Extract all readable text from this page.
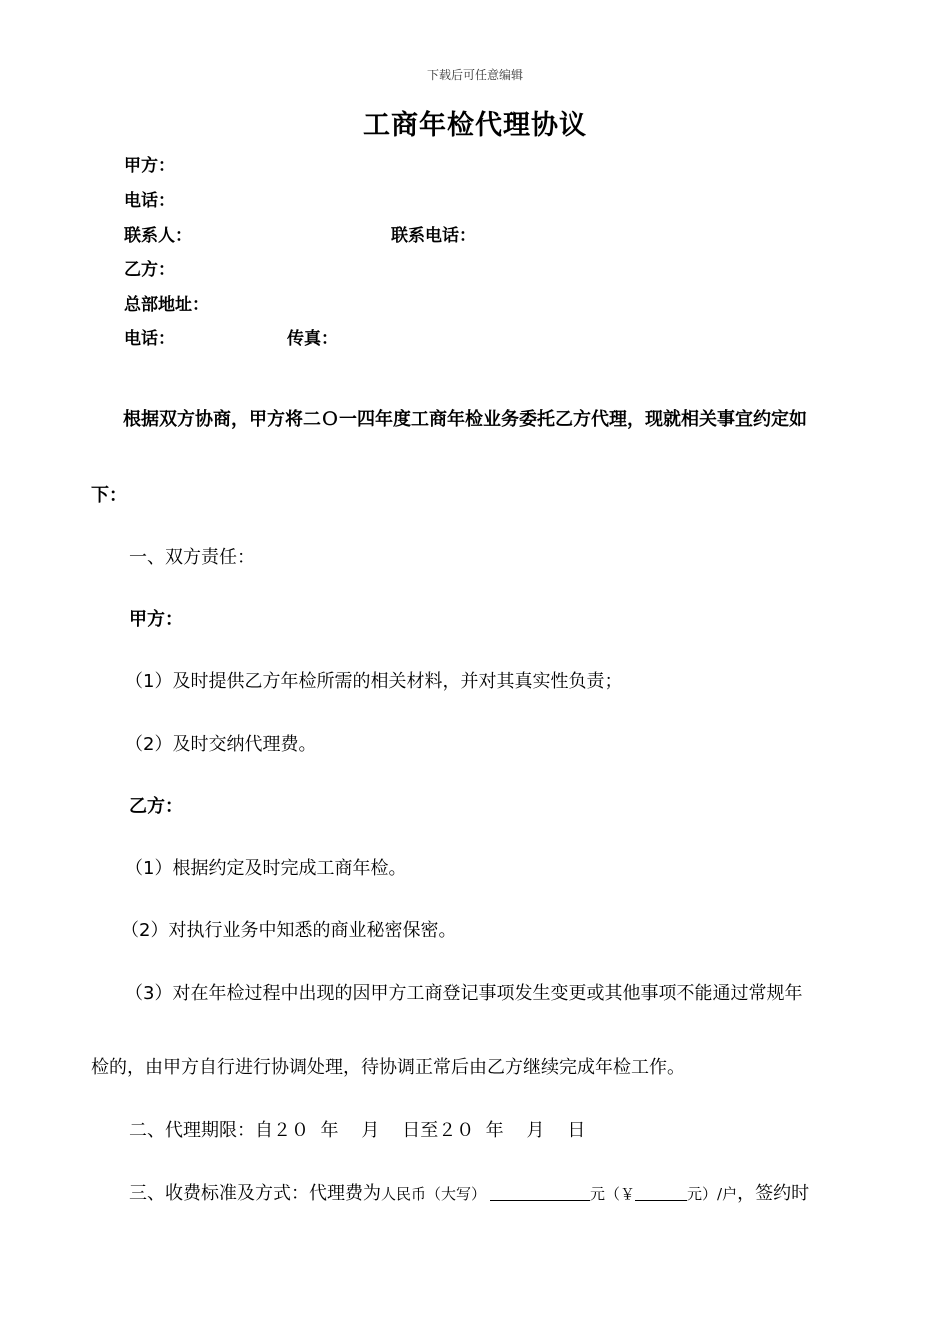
下载后可任意编辑
工商年检代理协议
甲方：
电话：
联系人：	联系电话：
乙方：
总部地址：
电话：	传真：
根据双方协商，甲方将二Ｏ一四年度工商年检业务委托乙方代理，现就相关事宜约定如
下：
一、双方责任：
甲方：
（1）及时提供乙方年检所需的相关材料，并对其真实性负责；
（2）及时交纳代理费。
乙方：
（1）根据约定及时完成工商年检。
（2）对执行业务中知悉的商业秘密保密。
（3）对在年检过程中出现的因甲方工商登记事项发生变更或其他事项不能通过常规年
检的，由甲方自行进行协调处理，待协调正常后由乙方继续完成年检工作。
二、代理期限：自２０  年    月    日至２０  年    月    日
三、收费标准及方式：代理费为人民币（大写）	元（￥	元）/户，签约时
